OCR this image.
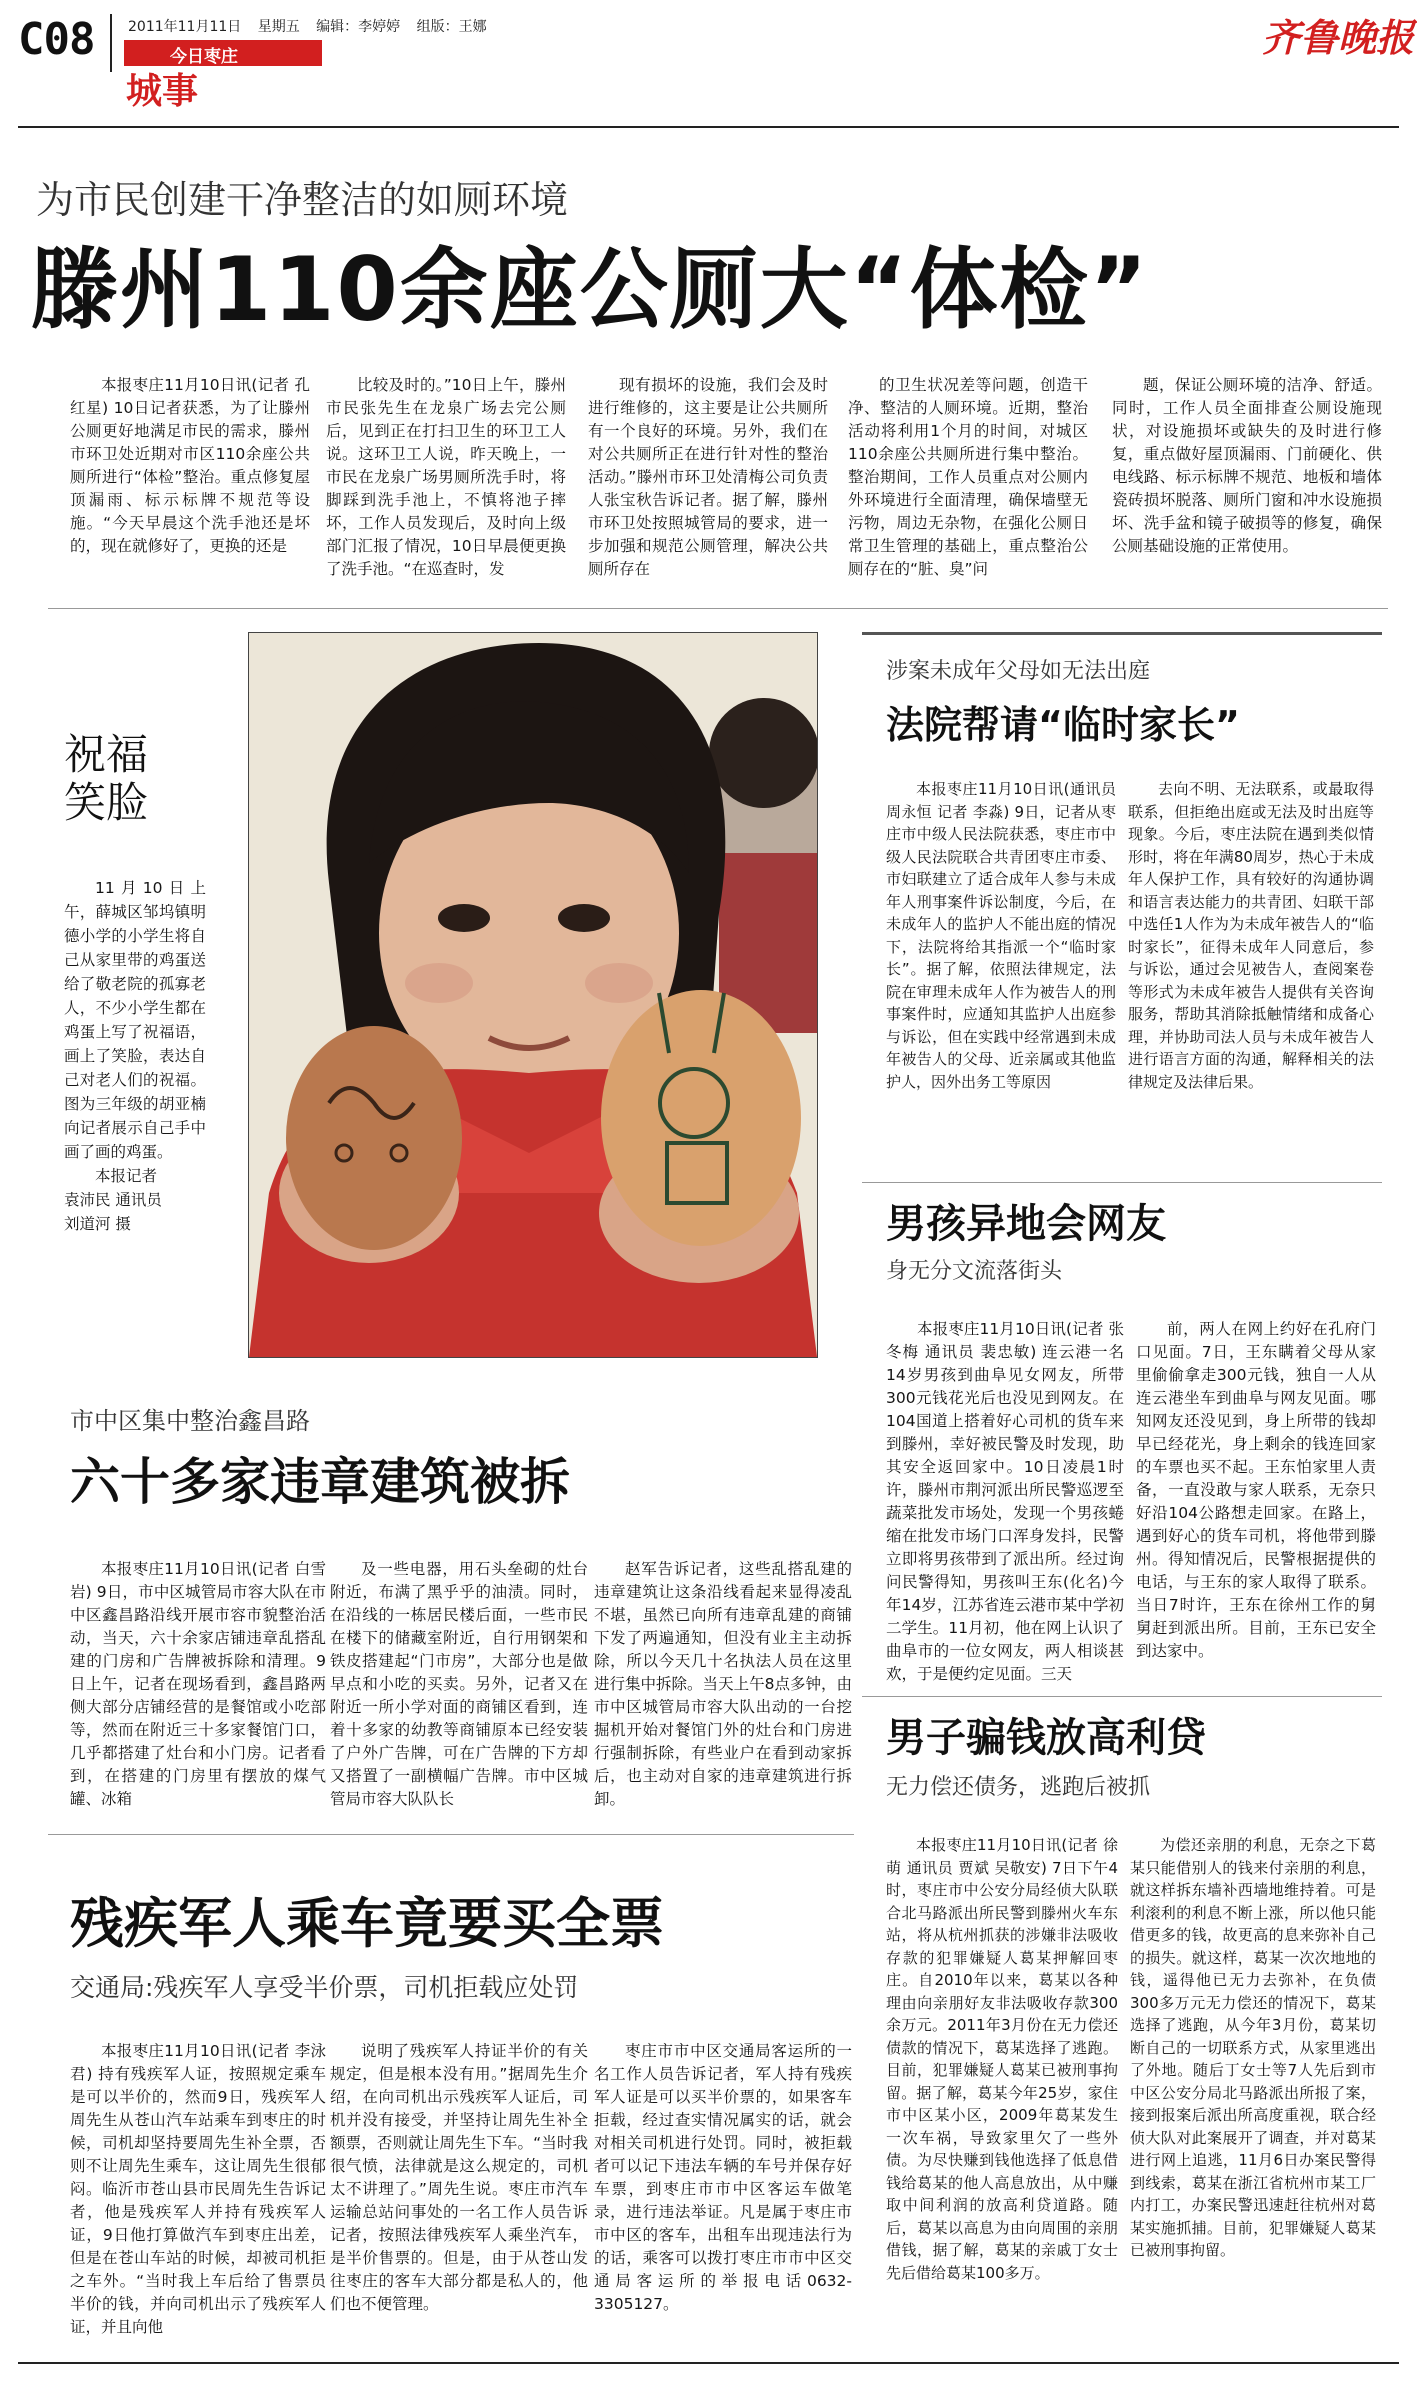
C08 2011年11月11日 星期五 编辑：李婷婷 组版：王娜
今日枣庄
城事
齐鲁晚报
为市民创建干净整洁的如厕环境
滕州110余座公厕大“体检”

本报枣庄11月10日讯(记者 孔红星) 10日记者获悉，为了让滕州公厕更好地满足市民的需求，滕州市环卫处近期对市区110余座公共厕所进行“体检”整治。重点修复屋顶漏雨、标示标牌不规范等设施。“今天早晨这个洗手池还是坏的，现在就修好了，更换的还是

比较及时的。”10日上午，滕州市民张先生在龙泉广场去完公厕后，见到正在打扫卫生的环卫工人说。这环卫工人说，昨天晚上，一市民在龙泉广场男厕所洗手时，将脚踩到洗手池上，不慎将池子摔坏，工作人员发现后，及时向上级部门汇报了情况，10日早晨便更换了洗手池。“在巡查时，发

现有损坏的设施，我们会及时进行维修的，这主要是让公共厕所有一个良好的环境。另外，我们在对公共厕所正在进行针对性的整治活动。”滕州市环卫处清梅公司负责人张宝秋告诉记者。据了解，滕州市环卫处按照城管局的要求，进一步加强和规范公厕管理，解决公共厕所存在

的卫生状况差等问题，创造干净、整洁的人厕环境。近期，整治活动将利用1个月的时间，对城区110余座公共厕所进行集中整治。整治期间，工作人员重点对公厕内外环境进行全面清理，确保墙壁无污物，周边无杂物，在强化公厕日常卫生管理的基础上，重点整治公厕存在的“脏、臭”问

题，保证公厕环境的洁净、舒适。同时，工作人员全面排查公厕设施现状，对设施损坏或缺失的及时进行修复，重点做好屋顶漏雨、门前硬化、供电线路、标示标牌不规范、地板和墙体瓷砖损坏脱落、厕所门窗和冲水设施损坏、洗手盆和镜子破损等的修复，确保公厕基础设施的正常使用。

祝福
笑脸

11月10日上午，薛城区邹坞镇明德小学的小学生将自己从家里带的鸡蛋送给了敬老院的孤寡老人，不少小学生都在鸡蛋上写了祝福语，画上了笑脸，表达自己对老人们的祝福。图为三年级的胡亚楠向记者展示自己手中画了画的鸡蛋。

本报记者
袁沛民 通讯员
刘道河 摄
涉案未成年父母如无法出庭
法院帮请“临时家长”

本报枣庄11月10日讯(通讯员 周永恒 记者 李淼) 9日，记者从枣庄市中级人民法院获悉，枣庄市中级人民法院联合共青团枣庄市委、市妇联建立了适合成年人参与未成年人刑事案件诉讼制度，今后，在未成年人的监护人不能出庭的情况下，法院将给其指派一个“临时家长”。据了解，依照法律规定，法院在审理未成年人作为被告人的刑事案件时，应通知其监护人出庭参与诉讼，但在实践中经常遇到未成年被告人的父母、近亲属或其他监护人，因外出务工等原因

去向不明、无法联系，或最取得联系，但拒绝出庭或无法及时出庭等现象。今后，枣庄法院在遇到类似情形时，将在年满80周岁，热心于未成年人保护工作，具有较好的沟通协调和语言表达能力的共青团、妇联干部中选任1人作为为未成年被告人的“临时家长”，征得未成年人同意后，参与诉讼，通过会见被告人，查阅案卷等形式为未成年被告人提供有关咨询服务，帮助其消除抵触情绪和成备心理，并协助司法人员与未成年被告人进行语言方面的沟通，解释相关的法律规定及法律后果。

男孩异地会网友
身无分文流落街头

本报枣庄11月10日讯(记者 张冬梅 通讯员 裴忠敏) 连云港一名14岁男孩到曲阜见女网友，所带300元钱花光后也没见到网友。在104国道上搭着好心司机的货车来到滕州，幸好被民警及时发现，助其安全返回家中。10日凌晨1时许，滕州市荆河派出所民警巡逻至蔬菜批发市场处，发现一个男孩蜷缩在批发市场门口浑身发抖，民警立即将男孩带到了派出所。经过询问民警得知，男孩叫王东(化名)今年14岁，江苏省连云港市某中学初二学生。11月初，他在网上认识了曲阜市的一位女网友，两人相谈甚欢，于是便约定见面。三天

前，两人在网上约好在孔府门口见面。7日，王东瞒着父母从家里偷偷拿走300元钱，独自一人从连云港坐车到曲阜与网友见面。哪知网友还没见到，身上所带的钱却早已经花光，身上剩余的钱连回家的车票也买不起。王东怕家里人责备，一直没敢与家人联系，无奈只好沿104公路想走回家。在路上，遇到好心的货车司机，将他带到滕州。得知情况后，民警根据提供的电话，与王东的家人取得了联系。当日7时许，王东在徐州工作的舅舅赶到派出所。目前，王东已安全到达家中。

市中区集中整治鑫昌路
六十多家违章建筑被拆

本报枣庄11月10日讯(记者 白雪岩) 9日，市中区城管局市容大队在市中区鑫昌路沿线开展市容市貌整治活动，当天，六十余家店铺违章乱搭乱建的门房和广告牌被拆除和清理。9日上午，记者在现场看到，鑫昌路两侧大部分店铺经营的是餐馆或小吃部等，然而在附近三十多家餐馆门口，几乎都搭建了灶台和小门房。记者看到，在搭建的门房里有摆放的煤气罐、冰箱

及一些电器，用石头垒砌的灶台附近，布满了黑乎乎的油渍。同时，在沿线的一栋居民楼后面，一些市民在楼下的储藏室附近，自行用钢架和铁皮搭建起“门市房”，大部分也是做早点和小吃的买卖。另外，记者又在附近一所小学对面的商铺区看到，连着十多家的幼教等商铺原本已经安装了户外广告牌，可在广告牌的下方却又搭置了一副横幅广告牌。市中区城管局市容大队队长

赵军告诉记者，这些乱搭乱建的违章建筑让这条沿线看起来显得凌乱不堪，虽然已向所有违章乱建的商铺下发了两遍通知，但没有业主主动拆除，所以今天几十名执法人员在这里进行集中拆除。当天上午8点多钟，由市中区城管局市容大队出动的一台挖掘机开始对餐馆门外的灶台和门房进行强制拆除，有些业户在看到动家拆后，也主动对自家的违章建筑进行拆卸。

男子骗钱放高利贷
无力偿还债务，逃跑后被抓

本报枣庄11月10日讯(记者 徐萌 通讯员 贾斌 吴敬安) 7日下午4时，枣庄市中公安分局经侦大队联合北马路派出所民警到滕州火车东站，将从杭州抓获的涉嫌非法吸收存款的犯罪嫌疑人葛某押解回枣庄。自2010年以来，葛某以各种理由向亲朋好友非法吸收存款300余万元。2011年3月份在无力偿还债款的情况下，葛某选择了逃跑。目前，犯罪嫌疑人葛某已被刑事拘留。据了解，葛某今年25岁，家住市中区某小区，2009年葛某发生一次车祸，导致家里欠了一些外债。为尽快赚到钱他选择了低息借钱给葛某的他人高息放出，从中赚取中间利润的放高利贷道路。随后，葛某以高息为由向周围的亲朋借钱，据了解，葛某的亲戚丁女士先后借给葛某100多万。

为偿还亲朋的利息，无奈之下葛某只能借别人的钱来付亲朋的利息，就这样拆东墙补西墙地维持着。可是利滚利的利息不断上涨，所以他只能借更多的钱，故更高的息来弥补自己的损失。就这样，葛某一次次地地的钱，遥得他已无力去弥补，在负债300多万元无力偿还的情况下，葛某选择了逃跑，从今年3月份，葛某切断自己的一切联系方式，从家里逃出了外地。随后丁女士等7人先后到市中区公安分局北马路派出所报了案，接到报案后派出所高度重视，联合经侦大队对此案展开了调查，并对葛某进行网上追逃，11月6日办案民警得到线索，葛某在浙江省杭州市某工厂内打工，办案民警迅速赶往杭州对葛某实施抓捕。目前，犯罪嫌疑人葛某已被刑事拘留。

残疾军人乘车竟要买全票
交通局:残疾军人享受半价票，司机拒载应处罚

本报枣庄11月10日讯(记者 李泳君) 持有残疾军人证，按照规定乘车是可以半价的，然而9日，残疾军人周先生从苍山汽车站乘车到枣庄的时候，司机却坚持要周先生补全票，否则不让周先生乘车，这让周先生很郁闷。临沂市苍山县市民周先生告诉记者，他是残疾军人并持有残疾军人证，9日他打算做汽车到枣庄出差，但是在苍山车站的时候，却被司机拒之车外。“当时我上车后给了售票员半价的钱，并向司机出示了残疾军人证，并且向他

说明了残疾军人持证半价的有关规定，但是根本没有用。”据周先生介绍，在向司机出示残疾军人证后，司机并没有接受，并坚持让周先生补全额票，否则就让周先生下车。“当时我很气愤，法律就是这么规定的，司机太不讲理了。”周先生说。枣庄市汽车运输总站问事处的一名工作人员告诉记者，按照法律残疾军人乘坐汽车，是半价售票的。但是，由于从苍山发往枣庄的客车大部分都是私人的，他们也不便管理。

枣庄市市中区交通局客运所的一名工作人员告诉记者，军人持有残疾军人证是可以买半价票的，如果客车拒载，经过查实情况属实的话，就会对相关司机进行处罚。同时，被拒载者可以记下违法车辆的车号并保存好车票，到枣庄市市中区客运车做笔录，进行违法举证。凡是属于枣庄市市中区的客车，出租车出现违法行为的话，乘客可以拨打枣庄市市中区交通局客运所的举报电话0632-3305127。
